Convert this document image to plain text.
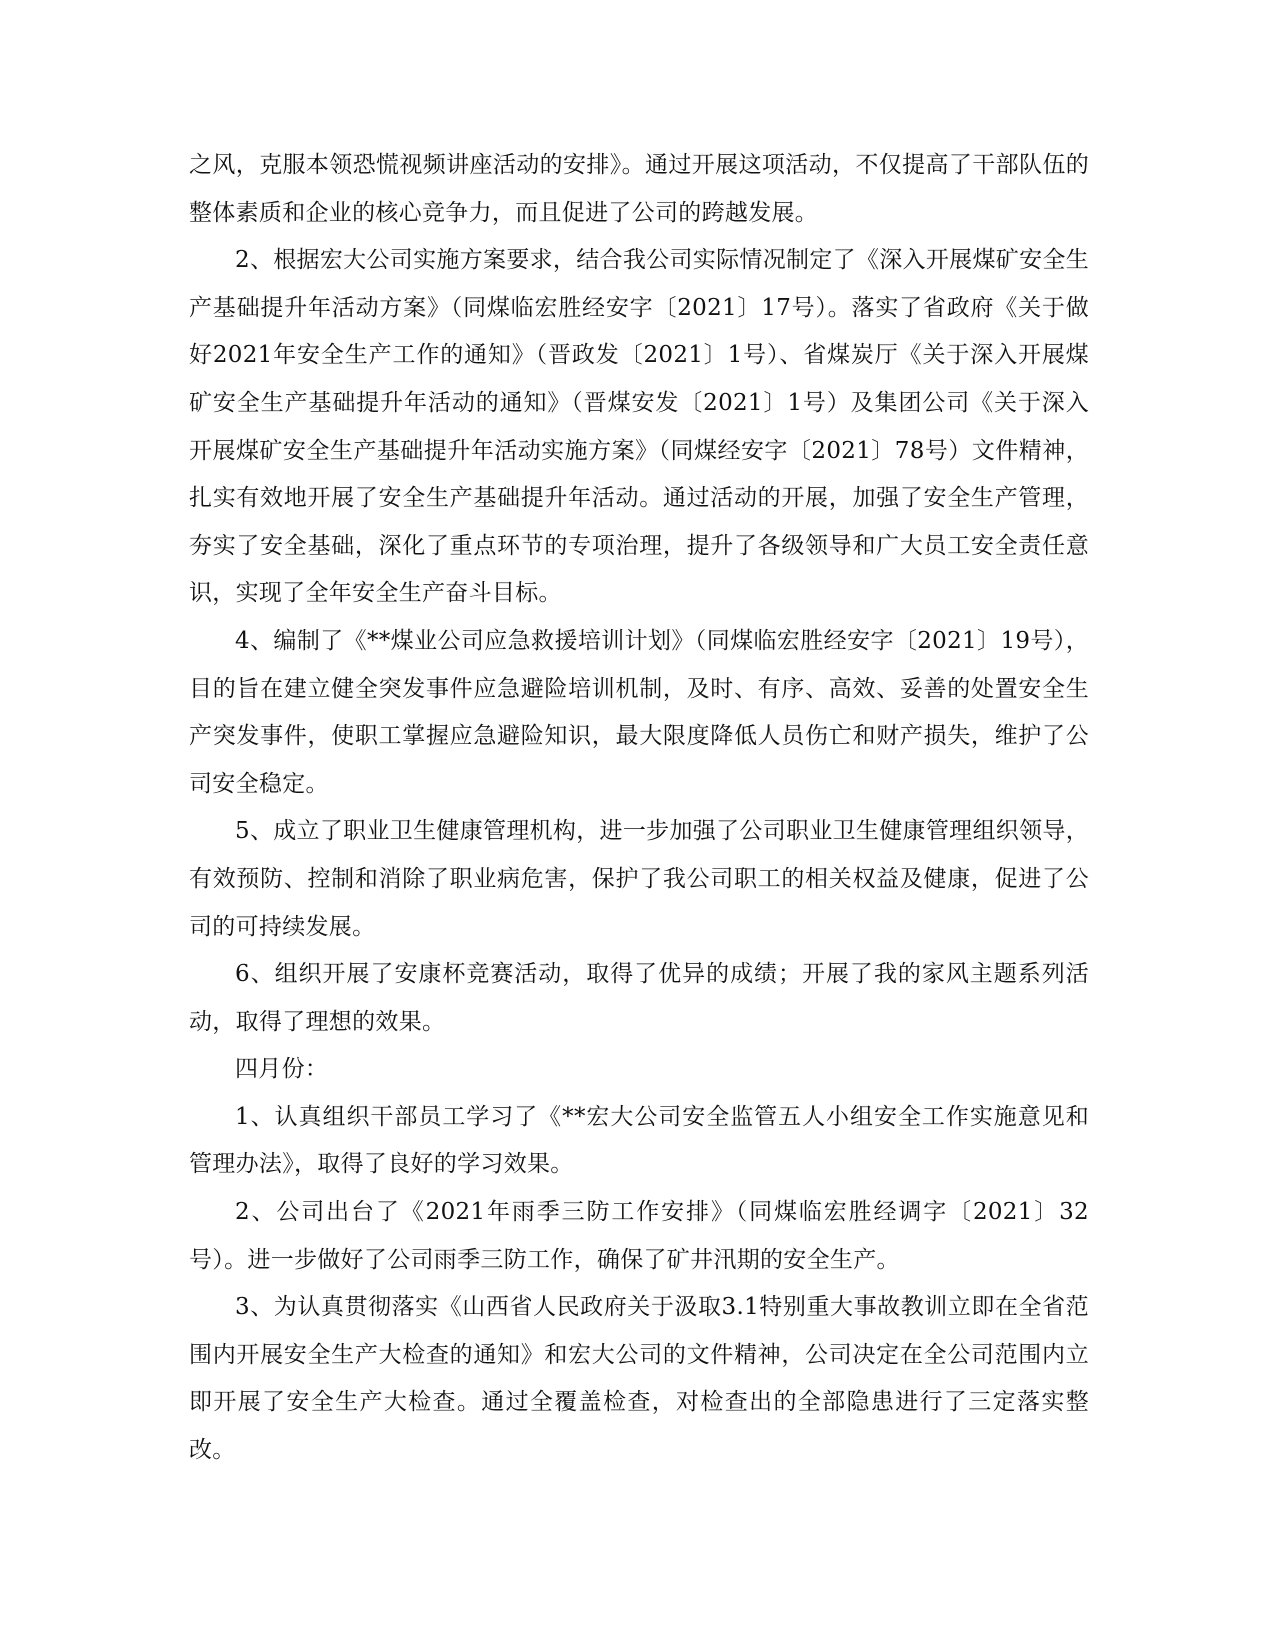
之风，克服本领恐慌视频讲座活动的安排》。通过开展这项活动，不仅提高了干部队伍的整体素质和企业的核心竞争力，而且促进了公司的跨越发展。

2、根据宏大公司实施方案要求，结合我公司实际情况制定了《深入开展煤矿安全生产基础提升年活动方案》（同煤临宏胜经安字〔2021〕17号）。落实了省政府《关于做好2021年安全生产工作的通知》（晋政发〔2021〕1号）、省煤炭厅《关于深入开展煤矿安全生产基础提升年活动的通知》（晋煤安发〔2021〕1号）及集团公司《关于深入开展煤矿安全生产基础提升年活动实施方案》（同煤经安字〔2021〕78号）文件精神，扎实有效地开展了安全生产基础提升年活动。通过活动的开展，加强了安全生产管理，夯实了安全基础，深化了重点环节的专项治理，提升了各级领导和广大员工安全责任意识，实现了全年安全生产奋斗目标。

4、编制了《**煤业公司应急救援培训计划》（同煤临宏胜经安字〔2021〕19号），目的旨在建立健全突发事件应急避险培训机制，及时、有序、高效、妥善的处置安全生产突发事件，使职工掌握应急避险知识，最大限度降低人员伤亡和财产损失，维护了公司安全稳定。

5、成立了职业卫生健康管理机构，进一步加强了公司职业卫生健康管理组织领导，有效预防、控制和消除了职业病危害，保护了我公司职工的相关权益及健康，促进了公司的可持续发展。

6、组织开展了安康杯竞赛活动，取得了优异的成绩；开展了我的家风主题系列活动，取得了理想的效果。

四月份：

1、认真组织干部员工学习了《**宏大公司安全监管五人小组安全工作实施意见和管理办法》，取得了良好的学习效果。

2、公司出台了《2021年雨季三防工作安排》（同煤临宏胜经调字〔2021〕32号）。进一步做好了公司雨季三防工作，确保了矿井汛期的安全生产。

3、为认真贯彻落实《山西省人民政府关于汲取3.1特别重大事故教训立即在全省范围内开展安全生产大检查的通知》和宏大公司的文件精神，公司决定在全公司范围内立即开展了安全生产大检查。通过全覆盖检查，对检查出的全部隐患进行了三定落实整改。
